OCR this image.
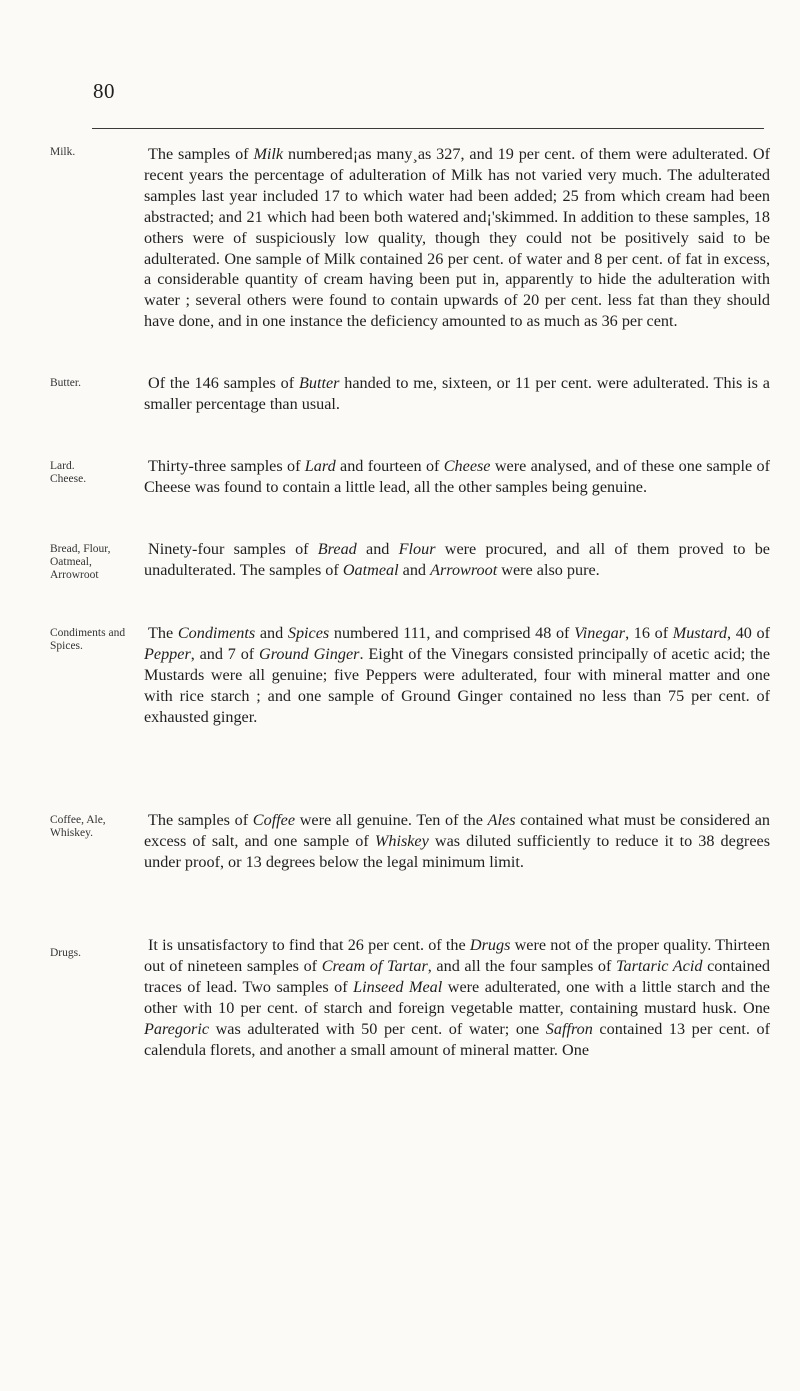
80
Milk.	The samples of Milk numbered¡as many¸as 327, and 19 per cent. of them were adulterated. Of recent years the percentage of adulteration of Milk has not varied very much. The adulterated samples last year included 17 to which water had been added; 25 from which cream had been abstracted; and 21 which had been both watered and¡'skimmed. In addition to these samples, 18 others were of suspiciously low quality, though they could not be positively said to be adulterated. One sample of Milk contained 26 per cent. of water and 8 per cent. of fat in excess, a considerable quantity of cream having been put in, apparently to hide the adulteration with water ; several others were found to contain upwards of 20 per cent. less fat than they should have done, and in one instance the deficiency amounted to as much as 36 per cent.

Butter.	Of the 146 samples of Butter handed to me, sixteen, or 11 per cent. were adulterated. This is a smaller percentage than usual.

Lard.
Cheese.

Thirty-three samples of Lard and fourteen of Cheese were analysed, and of these one sample of Cheese was found to contain a little lead, all the other samples being genuine.

Bread, Flour,
Oatmeal,
Arrowroot

Ninety-four samples of Bread and Flour were procured, and all of them proved to be unadulterated. The samples of Oatmeal and Arrowroot were also pure.

Condiments and
Spices.

The Condiments and Spices numbered 111, and comprised 48 of Vinegar, 16 of Mustard, 40 of Pepper, and 7 of Ground Ginger. Eight of the Vinegars consisted principally of acetic acid; the Mustards were all genuine; five Peppers were adulterated, four with mineral matter and one with rice starch ; and one sample of Ground Ginger contained no less than 75 per cent. of exhausted ginger.

Coffee, Ale,
Whiskey.

The samples of Coffee were all genuine. Ten of the Ales contained what must be considered an excess of salt, and one sample of Whiskey was diluted sufficiently to reduce it to 38 degrees under proof, or 13 degrees below the legal minimum limit.

Drugs.	It is unsatisfactory to find that 26 per cent. of the Drugs were not of the proper quality. Thirteen out of nineteen samples of Cream of Tartar, and all the four samples of Tartaric Acid contained traces of lead. Two samples of Linseed Meal were adulterated, one with a little starch and the other with 10 per cent. of starch and foreign vegetable matter, containing mustard husk. One Paregoric was adulterated with 50 per cent. of water; one Saffron contained 13 per cent. of calendula florets, and another a small amount of mineral matter. One
